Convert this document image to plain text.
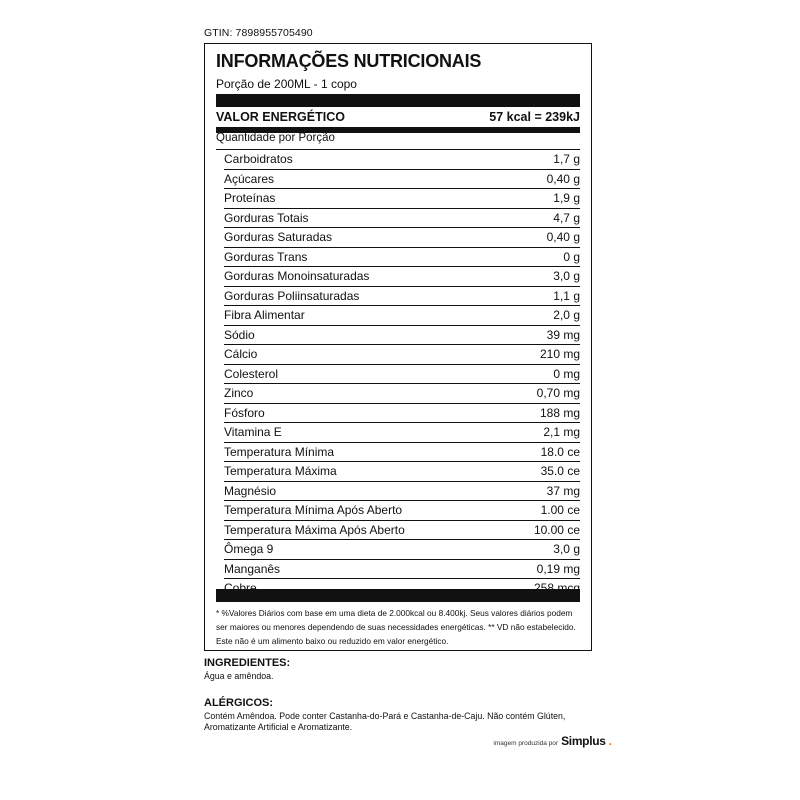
GTIN: 7898955705490
INFORMAÇÕES NUTRICIONAIS
Porção de 200ML - 1 copo
VALOR ENERGÉTICO	57 kcal = 239kJ
Quantidade por Porção
Carboidratos	1,7 g
Açúcares	0,40 g
Proteínas	1,9 g
Gorduras Totais	4,7 g
Gorduras Saturadas	0,40 g
Gorduras Trans	0 g
Gorduras Monoinsaturadas	3,0 g
Gorduras Poliinsaturadas	1,1 g
Fibra Alimentar	2,0 g
Sódio	39 mg
Cálcio	210 mg
Colesterol	0 mg
Zinco	0,70 mg
Fósforo	188 mg
Vitamina E	2,1 mg
Temperatura Mínima	18.0 ce
Temperatura Máxima	35.0 ce
Magnésio	37 mg
Temperatura Mínima Após Aberto	1.00 ce
Temperatura Máxima Após Aberto	10.00 ce
Ômega 9	3,0 g
Manganês	0,19 mg

* %Valores Diários com base em uma dieta de 2.000kcal ou 8.400kj. Seus valores diários podem ser maiores ou menores dependendo de suas necessidades energéticas. ** VD não estabelecido.

Este não é um alimento baixo ou reduzido em valor energético.

INGREDIENTES:
Água e amêndoa.
ALÉRGICOS:
Contém Amêndoa. Pode conter Castanha-do-Pará e Castanha-de-Caju. Não contém Glúten, Aromatizante Artificial e Aromatizante.
imagem produzida por Simplus .
